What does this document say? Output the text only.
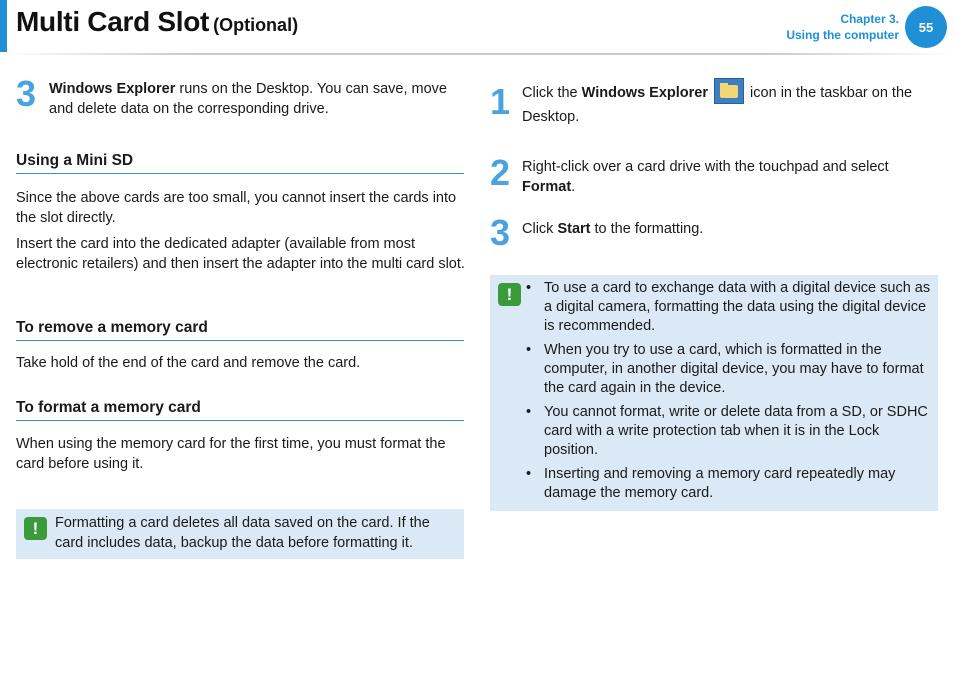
Multi Card Slot (Optional)	Chapter 3.
Using the computer
55
3 Windows Explorer runs on the Desktop. You can save, move and delete data on the corresponding drive.
Using a Mini SD
Since the above cards are too small, you cannot insert the cards into the slot directly.
Insert the card into the dedicated adapter (available from most electronic retailers) and then insert the adapter into the multi card slot.
To remove a memory card
Take hold of the end of the card and remove the card.
To format a memory card
When using the memory card for the first time, you must format the card before using it.
!	Formatting a card deletes all data saved on the card. If the card includes data, backup the data before formatting it.
1 Click the Windows Explorer	icon in the taskbar on the Desktop.
2 Right-click over a card drive with the touchpad and select Format.
3 Click Start to the formatting.
!
•	To use a card to exchange data with a digital device such as a digital camera, formatting the data using the digital device is recommended.
• When you try to use a card, which is formatted in the computer, in another digital device, you may have to format the card again in the device.
• You cannot format, write or delete data from a SD, or SDHC card with a write protection tab when it is in the Lock position.
• Inserting and removing a memory card repeatedly may damage the memory card.
